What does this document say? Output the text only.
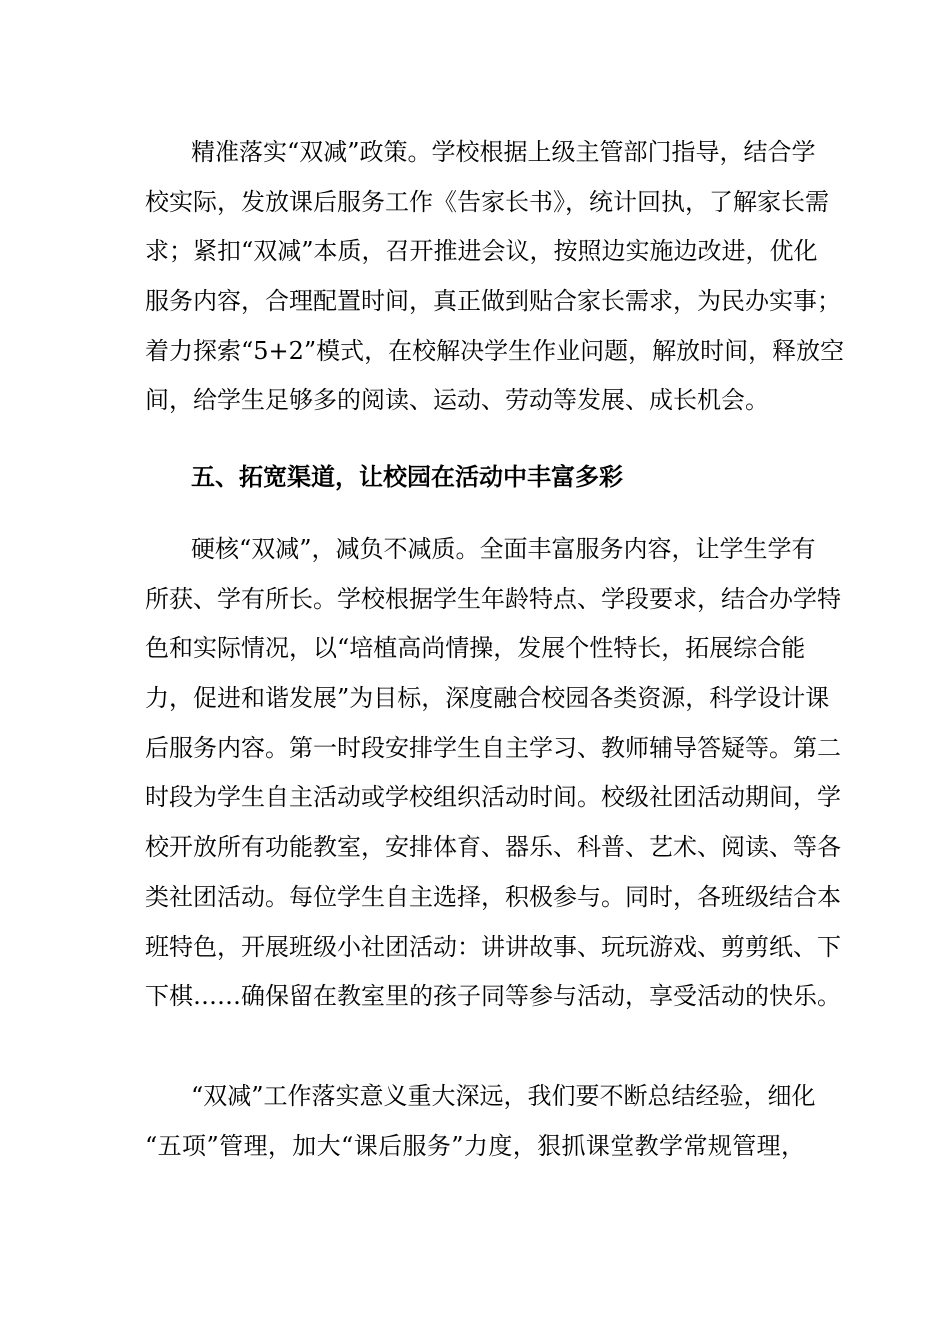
精准落实“双减”政策。学校根据上级主管部门指导，结合学
校实际，发放课后服务工作《告家长书》，统计回执，了解家长需
求；紧扣“双减”本质，召开推进会议，按照边实施边改进，优化
服务内容，合理配置时间，真正做到贴合家长需求，为民办实事；
着力探索“5+2”模式，在校解决学生作业问题，解放时间，释放空
间，给学生足够多的阅读、运动、劳动等发展、成长机会。
五、拓宽渠道，让校园在活动中丰富多彩
硬核“双减”，减负不减质。全面丰富服务内容，让学生学有
所获、学有所长。学校根据学生年龄特点、学段要求，结合办学特
色和实际情况，以“培植高尚情操，发展个性特长，拓展综合能
力，促进和谐发展”为目标，深度融合校园各类资源，科学设计课
后服务内容。第一时段安排学生自主学习、教师辅导答疑等。第二
时段为学生自主活动或学校组织活动时间。校级社团活动期间，学
校开放所有功能教室，安排体育、器乐、科普、艺术、阅读、等各
类社团活动。每位学生自主选择，积极参与。同时，各班级结合本
班特色，开展班级小社团活动：讲讲故事、玩玩游戏、剪剪纸、下
下棋……确保留在教室里的孩子同等参与活动，享受活动的快乐。
“双减”工作落实意义重大深远，我们要不断总结经验，细化
“五项”管理，加大“课后服务”力度，狠抓课堂教学常规管理，
